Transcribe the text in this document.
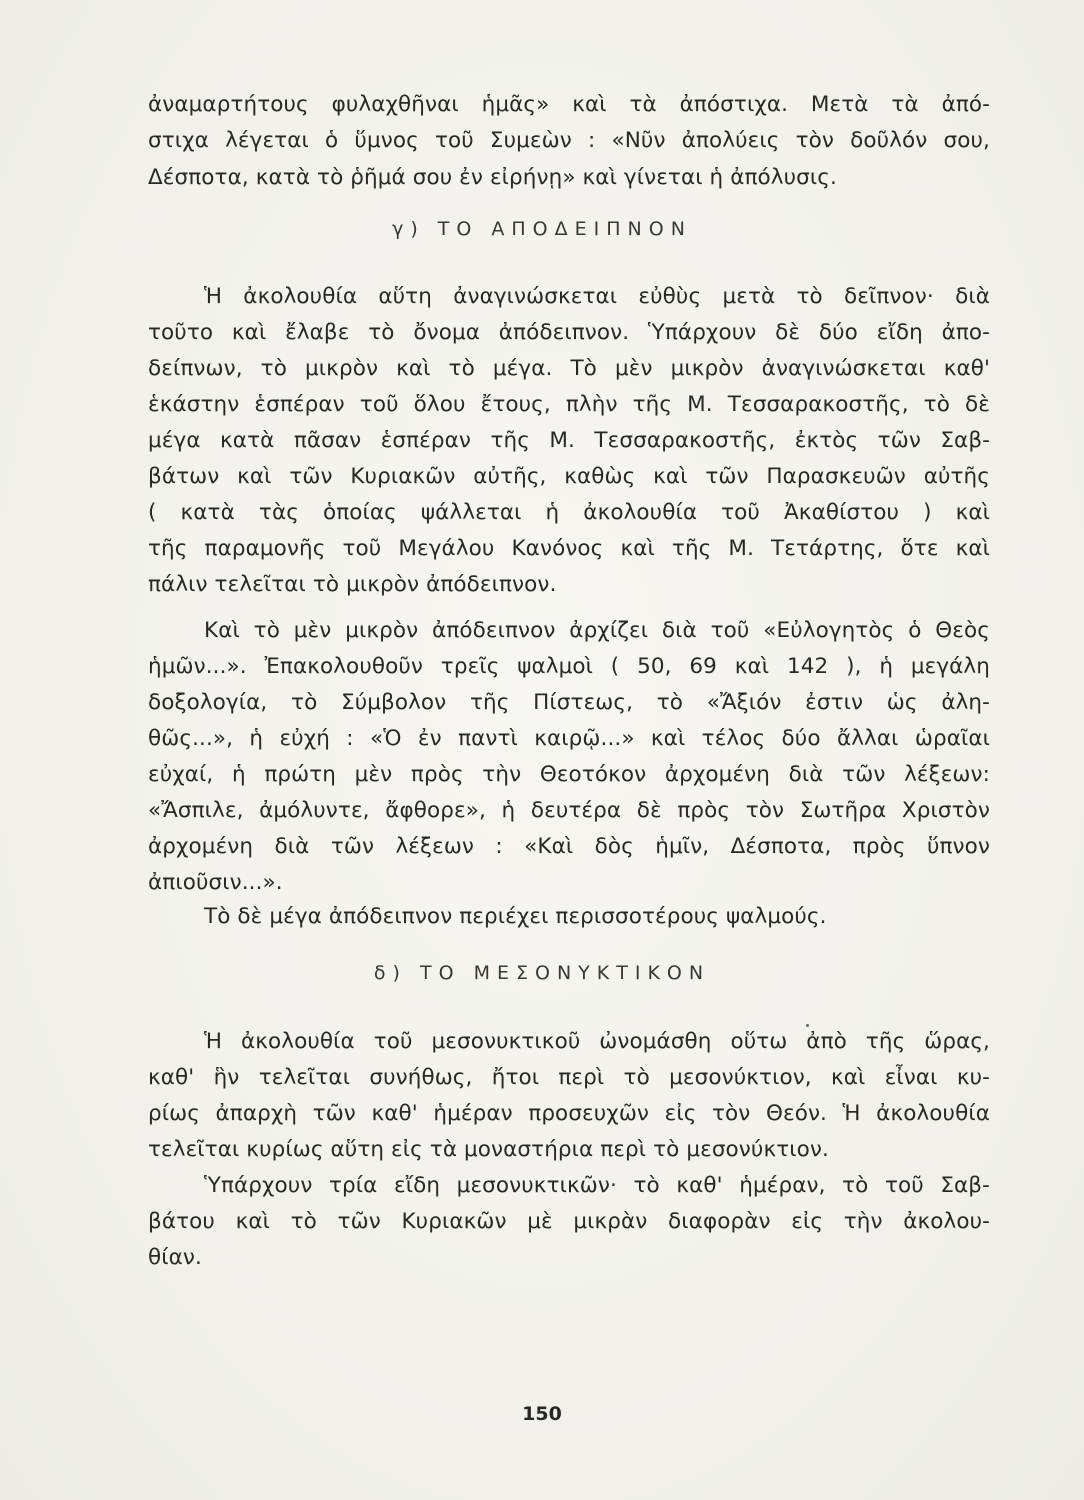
ἀναμαρτήτους φυλαχθῆναι ἡμᾶς» καὶ τὰ ἀπόστιχα. Μετὰ τὰ ἀπό-
στιχα λέγεται ὁ ὕμνος τοῦ Συμεὼν : «Νῦν ἀπολύεις τὸν δοῦλόν σου,
Δέσποτα, κατὰ τὸ ῥῆμά σου ἐν εἰρήνῃ» καὶ γίνεται ἡ ἀπόλυσις.
γ) ΤΟ ΑΠΟΔΕΙΠΝΟΝ
Ἡ ἀκολουθία αὕτη ἀναγινώσκεται εὐθὺς μετὰ τὸ δεῖπνον· διὰ
τοῦτο καὶ ἔλαβε τὸ ὄνομα ἀπόδειπνον. Ὑπάρχουν δὲ δύο εἴδη ἀπο-
δείπνων, τὸ μικρὸν καὶ τὸ μέγα. Τὸ μὲν μικρὸν ἀναγινώσκεται καθ'
ἑκάστην ἑσπέραν τοῦ ὅλου ἔτους, πλὴν τῆς Μ. Τεσσαρακοστῆς, τὸ δὲ
μέγα κατὰ πᾶσαν ἑσπέραν τῆς Μ. Τεσσαρακοστῆς, ἐκτὸς τῶν Σαβ-
βάτων καὶ τῶν Κυριακῶν αὐτῆς, καθὼς καὶ τῶν Παρασκευῶν αὐτῆς
( κατὰ τὰς ὁποίας ψάλλεται ἡ ἀκολουθία τοῦ Ἀκαθίστου ) καὶ
τῆς παραμονῆς τοῦ Μεγάλου Κανόνος καὶ τῆς Μ. Τετάρτης, ὅτε καὶ
πάλιν τελεῖται τὸ μικρὸν ἀπόδειπνον.
Καὶ τὸ μὲν μικρὸν ἀπόδειπνον ἀρχίζει διὰ τοῦ «Εὐλογητὸς ὁ Θεὸς
ἡμῶν...». Ἐπακολουθοῦν τρεῖς ψαλμοὶ ( 50, 69 καὶ 142 ), ἡ μεγάλη
δοξολογία, τὸ Σύμβολον τῆς Πίστεως, τὸ «Ἄξιόν ἐστιν ὡς ἀλη-
θῶς...», ἡ εὐχή : «Ὁ ἐν παντὶ καιρῷ...» καὶ τέλος δύο ἄλλαι ὡραῖαι
εὐχαί, ἡ πρώτη μὲν πρὸς τὴν Θεοτόκον ἀρχομένη διὰ τῶν λέξεων:
«Ἄσπιλε, ἀμόλυντε, ἄφθορε», ἡ δευτέρα δὲ πρὸς τὸν Σωτῆρα Χριστὸν
ἀρχομένη διὰ τῶν λέξεων : «Καὶ δὸς ἡμῖν, Δέσποτα, πρὸς ὕπνον
ἀπιοῦσιν...».
Τὸ δὲ μέγα ἀπόδειπνον περιέχει περισσοτέρους ψαλμούς.
δ) ΤΟ ΜΕΣΟΝΥΚΤΙΚΟΝ
Ἡ ἀκολουθία τοῦ μεσονυκτικοῦ ὠνομάσθη οὕτω ἀπὸ τῆς ὥρας,
καθ' ἣν τελεῖται συνήθως, ἤτοι περὶ τὸ μεσονύκτιον, καὶ εἶναι κυ-
ρίως ἀπαρχὴ τῶν καθ' ἡμέραν προσευχῶν εἰς τὸν Θεόν. Ἡ ἀκολουθία
τελεῖται κυρίως αὕτη εἰς τὰ μοναστήρια περὶ τὸ μεσονύκτιον.
Ὑπάρχουν τρία εἴδη μεσονυκτικῶν· τὸ καθ' ἡμέραν, τὸ τοῦ Σαβ-
βάτου καὶ τὸ τῶν Κυριακῶν μὲ μικρὰν διαφορὰν εἰς τὴν ἀκολου-
θίαν.
150
